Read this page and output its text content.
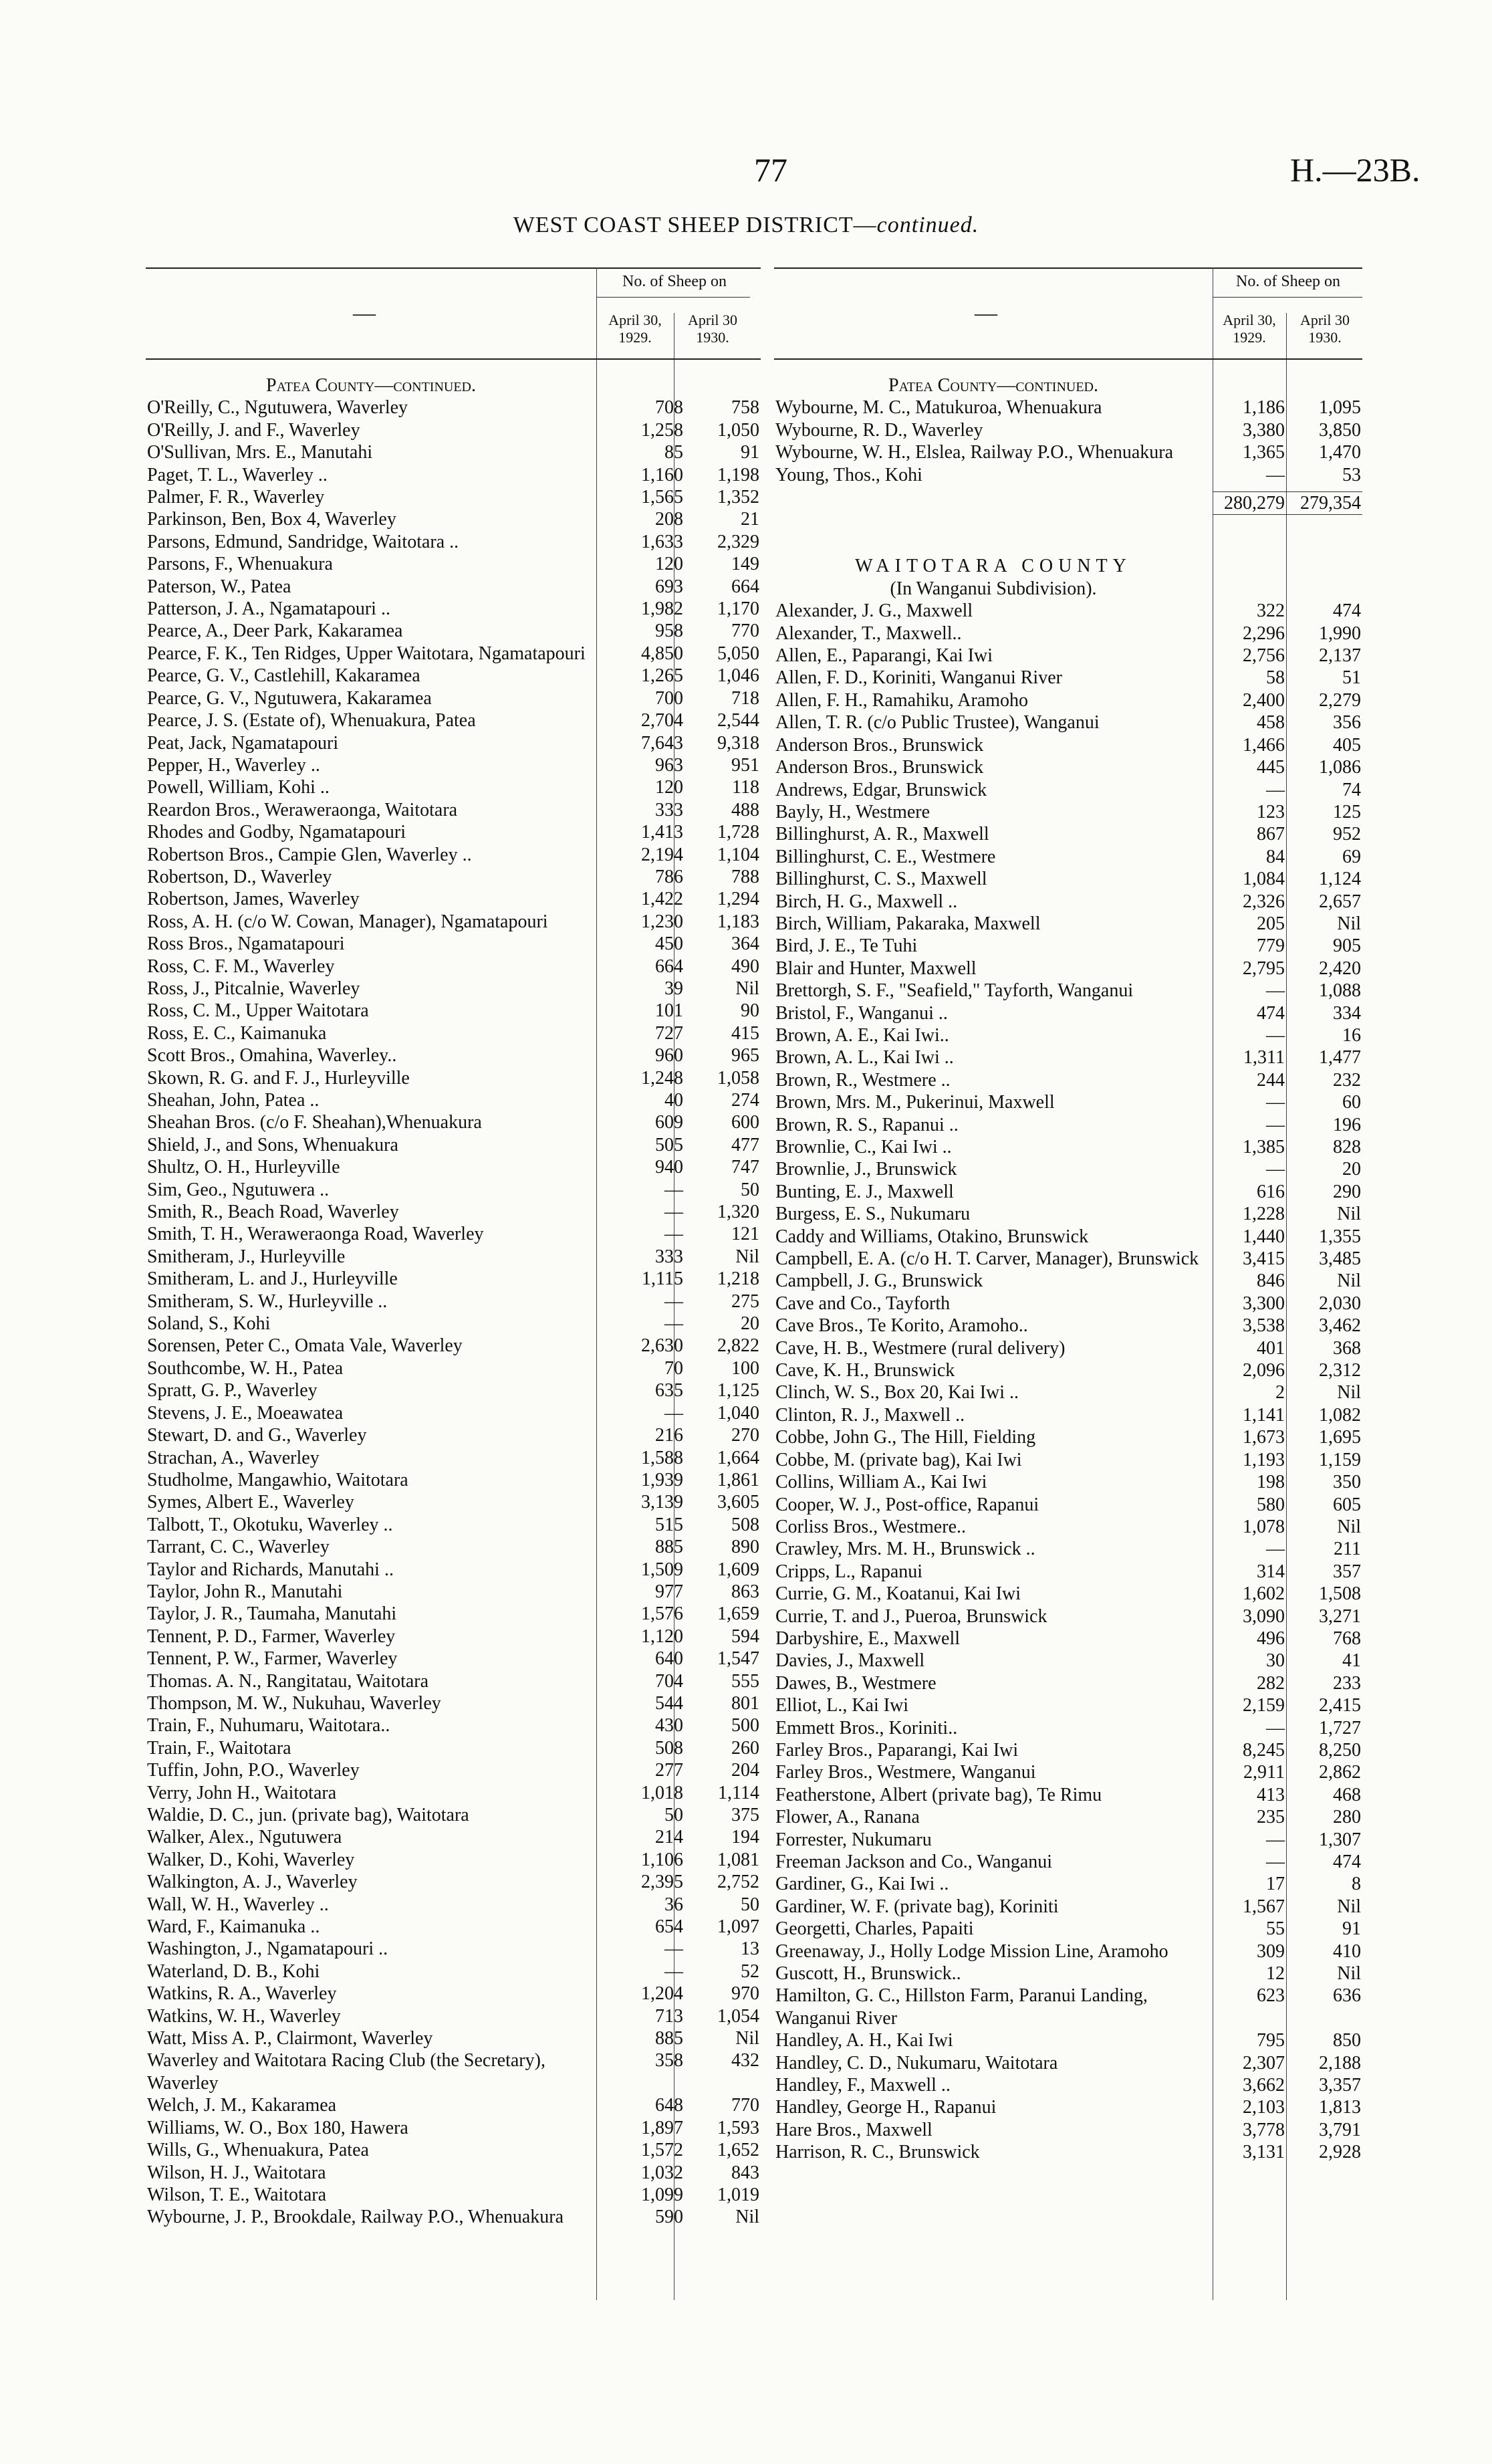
77	H.—23B.
WEST COAST SHEEP DISTRICT—continued.
—
No. of Sheep on
April 30, 1929.
April 30 1930.
Patea County—continued.
O'Reilly, C., Ngutuwera, Waverley	708	758
O'Reilly, J. and F., Waverley	1,258	1,050
O'Sullivan, Mrs. E., Manutahi	85	91
Paget, T. L., Waverley ..	1,160	1,198
Palmer, F. R., Waverley	1,565	1,352
Parkinson, Ben, Box 4, Waverley	208	21
Parsons, Edmund, Sandridge, Waitotara ..	1,633	2,329
Parsons, F., Whenuakura	120	149
Paterson, W., Patea	693	664
Patterson, J. A., Ngamatapouri ..	1,982	1,170
Pearce, A., Deer Park, Kakaramea	958	770
Pearce, F. K., Ten Ridges, Upper Waitotara, Ngamatapouri	4,850	5,050
Pearce, G. V., Castlehill, Kakaramea	1,265	1,046
Pearce, G. V., Ngutuwera, Kakaramea	700	718
Pearce, J. S. (Estate of), Whenuakura, Patea	2,704	2,544
Peat, Jack, Ngamatapouri	7,643	9,318
Pepper, H., Waverley ..	963	951
Powell, William, Kohi ..	120	118
Reardon Bros., Weraweraonga, Waitotara	333	488
Rhodes and Godby, Ngamatapouri	1,413	1,728
Robertson Bros., Campie Glen, Waverley ..	2,194	1,104
Robertson, D., Waverley	786	788
Robertson, James, Waverley	1,422	1,294
Ross, A. H. (c/o W. Cowan, Manager), Ngamatapouri	1,230	1,183
Ross Bros., Ngamatapouri	450	364
Ross, C. F. M., Waverley	664	490
Ross, J., Pitcalnie, Waverley	39	Nil
Ross, C. M., Upper Waitotara	101	90
Ross, E. C., Kaimanuka	727	415
Scott Bros., Omahina, Waverley..	960	965
Skown, R. G. and F. J., Hurleyville	1,248	1,058
Sheahan, John, Patea ..	40	274
Sheahan Bros. (c/o F. Sheahan),Whenuakura	609	600
Shield, J., and Sons, Whenuakura	505	477
Shultz, O. H., Hurleyville	940	747
Sim, Geo., Ngutuwera ..	—	50
Smith, R., Beach Road, Waverley	—	1,320
Smith, T. H., Weraweraonga Road, Waverley	—	121
Smitheram, J., Hurleyville	333	Nil
Smitheram, L. and J., Hurleyville	1,115	1,218
Smitheram, S. W., Hurleyville ..	—	275
Soland, S., Kohi	—	20
Sorensen, Peter C., Omata Vale, Waverley	2,630	2,822
Southcombe, W. H., Patea	70	100
Spratt, G. P., Waverley	635	1,125
Stevens, J. E., Moeawatea	—	1,040
Stewart, D. and G., Waverley	216	270
Strachan, A., Waverley	1,588	1,664
Studholme, Mangawhio, Waitotara	1,939	1,861
Symes, Albert E., Waverley	3,139	3,605
Talbott, T., Okotuku, Waverley ..	515	508
Tarrant, C. C., Waverley	885	890
Taylor and Richards, Manutahi ..	1,509	1,609
Taylor, John R., Manutahi	977	863
Taylor, J. R., Taumaha, Manutahi	1,576	1,659
Tennent, P. D., Farmer, Waverley	1,120	594
Tennent, P. W., Farmer, Waverley	640	1,547
Thomas. A. N., Rangitatau, Waitotara	704	555
Thompson, M. W., Nukuhau, Waverley	544	801
Train, F., Nuhumaru, Waitotara..	430	500
Train, F., Waitotara	508	260
Tuffin, John, P.O., Waverley	277	204
Verry, John H., Waitotara	1,018	1,114
Waldie, D. C., jun. (private bag), Waitotara	50	375
Walker, Alex., Ngutuwera	214	194
Walker, D., Kohi, Waverley	1,106	1,081
Walkington, A. J., Waverley	2,395	2,752
Wall, W. H., Waverley ..	36	50
Ward, F., Kaimanuka ..	654	1,097
Washington, J., Ngamatapouri ..	—	13
Waterland, D. B., Kohi	—	52
Watkins, R. A., Waverley	1,204	970
Watkins, W. H., Waverley	713	1,054
Watt, Miss A. P., Clairmont, Waverley	885	Nil
Waverley and Waitotara Racing Club (the Secretary), Waverley
358	432
Welch, J. M., Kakaramea	648	770
Williams, W. O., Box 180, Hawera	1,897	1,593
Wills, G., Whenuakura, Patea	1,572	1,652
Wilson, H. J., Waitotara	1,032	843
Wilson, T. E., Waitotara	1,099	1,019
Wybourne, J. P., Brookdale, Railway P.O., Whenuakura	590	Nil
—
No. of Sheep on
April 30, 1929.
April 30 1930.
Patea County—continued.
Wybourne, M. C., Matukuroa, Whenuakura	1,186	1,095
Wybourne, R. D., Waverley	3,380	3,850
Wybourne, W. H., Elslea, Railway P.O., Whenuakura	1,365	1,470
Young, Thos., Kohi	—	53
280,279 279,354
WAITOTARA COUNTY
(In Wanganui Subdivision).
Alexander, J. G., Maxwell	322	474
Alexander, T., Maxwell..	2,296	1,990
Allen, E., Paparangi, Kai Iwi	2,756	2,137
Allen, F. D., Koriniti, Wanganui River	58	51
Allen, F. H., Ramahiku, Aramoho	2,400	2,279
Allen, T. R. (c/o Public Trustee), Wanganui	458	356
Anderson Bros., Brunswick	1,466	405
Anderson Bros., Brunswick	445	1,086
Andrews, Edgar, Brunswick	—	74
Bayly, H., Westmere	123	125
Billinghurst, A. R., Maxwell	867	952
Billinghurst, C. E., Westmere	84	69
Billinghurst, C. S., Maxwell	1,084	1,124
Birch, H. G., Maxwell ..	2,326	2,657
Birch, William, Pakaraka, Maxwell	205	Nil
Bird, J. E., Te Tuhi	779	905
Blair and Hunter, Maxwell	2,795	2,420
Brettorgh, S. F., "Seafield," Tayforth, Wanganui	—	1,088
Bristol, F., Wanganui ..	474	334
Brown, A. E., Kai Iwi..	—	16
Brown, A. L., Kai Iwi ..	1,311	1,477
Brown, R., Westmere ..	244	232
Brown, Mrs. M., Pukerinui, Maxwell	—	60
Brown, R. S., Rapanui ..	—	196
Brownlie, C., Kai Iwi ..	1,385	828
Brownlie, J., Brunswick	—	20
Bunting, E. J., Maxwell	616	290
Burgess, E. S., Nukumaru	1,228	Nil
Caddy and Williams, Otakino, Brunswick	1,440	1,355
Campbell, E. A. (c/o H. T. Carver, Manager), Brunswick	3,415	3,485
Campbell, J. G., Brunswick	846	Nil
Cave and Co., Tayforth	3,300	2,030
Cave Bros., Te Korito, Aramoho..	3,538	3,462
Cave, H. B., Westmere (rural delivery)	401	368
Cave, K. H., Brunswick	2,096	2,312
Clinch, W. S., Box 20, Kai Iwi ..	2	Nil
Clinton, R. J., Maxwell ..	1,141	1,082
Cobbe, John G., The Hill, Fielding	1,673	1,695
Cobbe, M. (private bag), Kai Iwi	1,193	1,159
Collins, William A., Kai Iwi	198	350
Cooper, W. J., Post-office, Rapanui	580	605
Corliss Bros., Westmere..	1,078	Nil
Crawley, Mrs. M. H., Brunswick ..	—	211
Cripps, L., Rapanui	314	357
Currie, G. M., Koatanui, Kai Iwi	1,602	1,508
Currie, T. and J., Pueroa, Brunswick	3,090	3,271
Darbyshire, E., Maxwell	496	768
Davies, J., Maxwell	30	41
Dawes, B., Westmere	282	233
Elliot, L., Kai Iwi	2,159	2,415
Emmett Bros., Koriniti..	—	1,727
Farley Bros., Paparangi, Kai Iwi	8,245	8,250
Farley Bros., Westmere, Wanganui	2,911	2,862
Featherstone, Albert (private bag), Te Rimu	413	468
Flower, A., Ranana	235	280
Forrester, Nukumaru	—	1,307
Freeman Jackson and Co., Wanganui	—	474
Gardiner, G., Kai Iwi ..	17	8
Gardiner, W. F. (private bag), Koriniti	1,567	Nil
Georgetti, Charles, Papaiti	55	91
Greenaway, J., Holly Lodge Mission Line, Aramoho	309	410
Guscott, H., Brunswick..	12	Nil
Hamilton, G. C., Hillston Farm, Paranui Landing, Wanganui River
623	636
Handley, A. H., Kai Iwi	795	850
Handley, C. D., Nukumaru, Waitotara	2,307	2,188
Handley, F., Maxwell ..	3,662	3,357
Handley, George H., Rapanui	2,103	1,813
Hare Bros., Maxwell	3,778	3,791
Harrison, R. C., Brunswick	3,131	2,928
